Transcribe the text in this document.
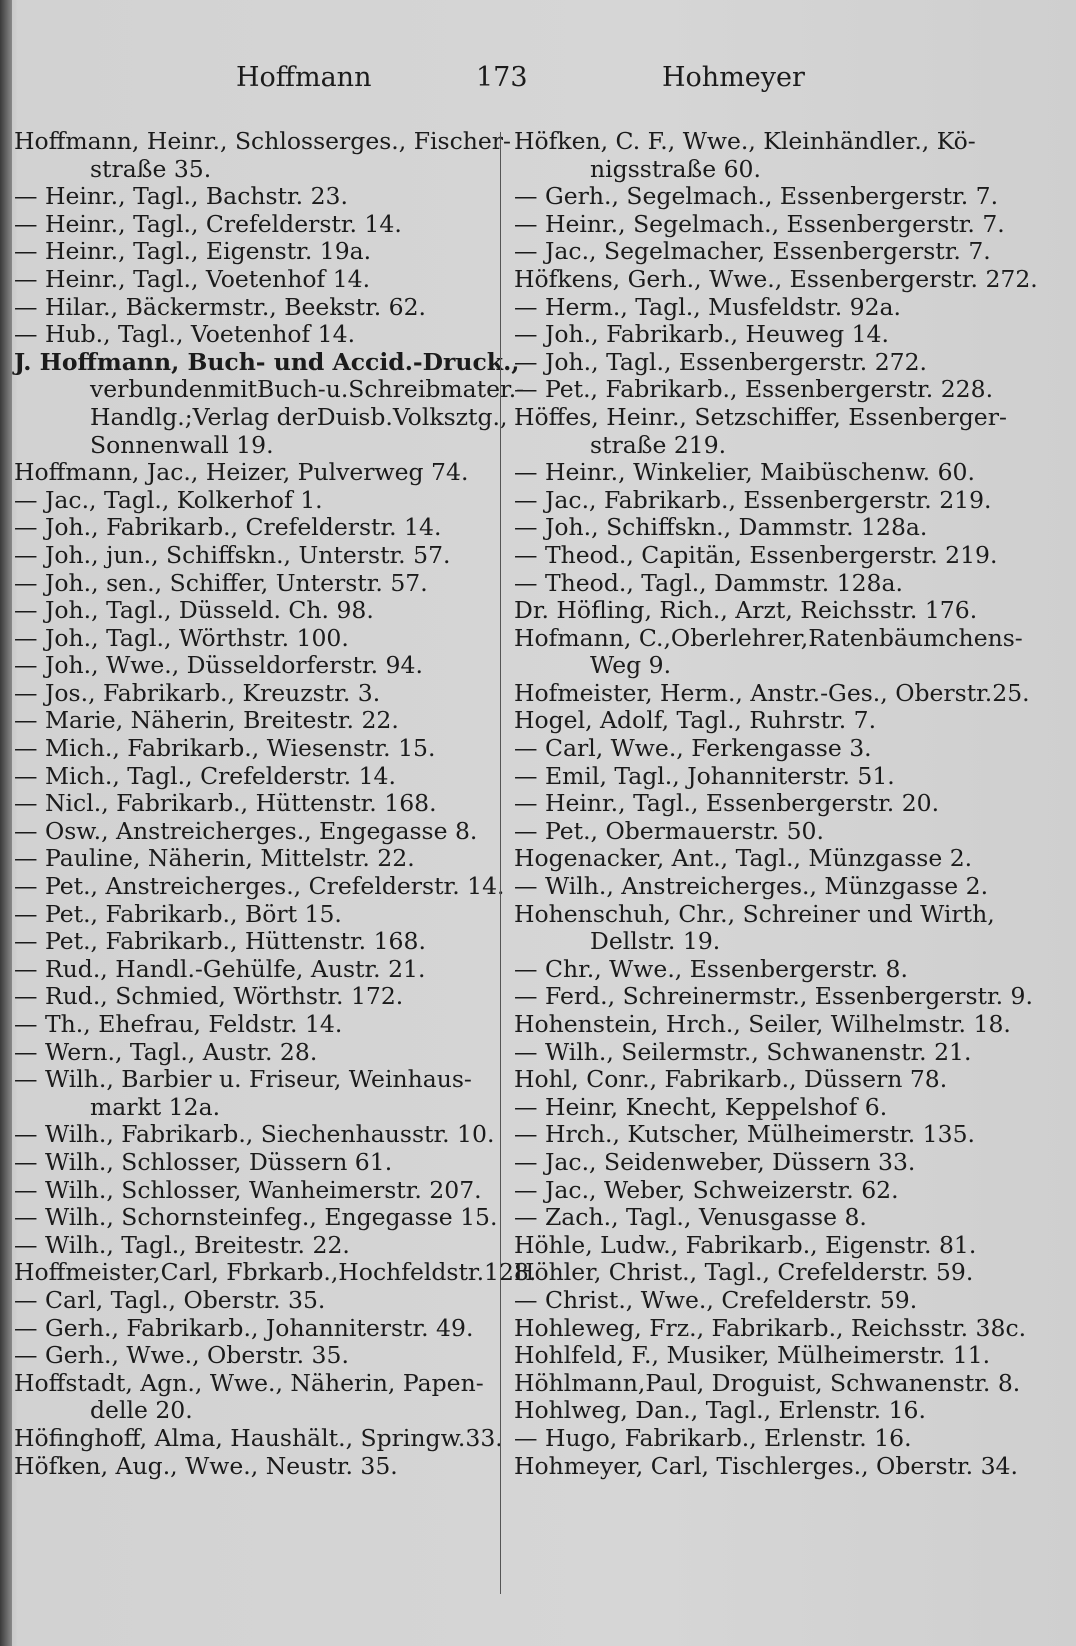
Hoffmann	173	Hohmeyer
Hoffmann, Heinr., Schlosserges., Fischer-
straße 35.
— Heinr., Tagl., Bachstr. 23.
— Heinr., Tagl., Crefelderstr. 14.
— Heinr., Tagl., Eigenstr. 19a.
— Heinr., Tagl., Voetenhof 14.
— Hilar., Bäckermstr., Beekstr. 62.
— Hub., Tagl., Voetenhof 14.
J. Hoffmann, Buch- und Accid.-Druck.,
verbundenmitBuch-u.Schreibmater.-
Handlg.;Verlag derDuisb.Volksztg.,
Sonnenwall 19.
Hoffmann, Jac., Heizer, Pulverweg 74.
— Jac., Tagl., Kolkerhof 1.
— Joh., Fabrikarb., Crefelderstr. 14.
— Joh., jun., Schiffskn., Unterstr. 57.
— Joh., sen., Schiffer, Unterstr. 57.
— Joh., Tagl., Düsseld. Ch. 98.
— Joh., Tagl., Wörthstr. 100.
— Joh., Wwe., Düsseldorferstr. 94.
— Jos., Fabrikarb., Kreuzstr. 3.
— Marie, Näherin, Breitestr. 22.
— Mich., Fabrikarb., Wiesenstr. 15.
— Mich., Tagl., Crefelderstr. 14.
— Nicl., Fabrikarb., Hüttenstr. 168.
— Osw., Anstreicherges., Engegasse 8.
— Pauline, Näherin, Mittelstr. 22.
— Pet., Anstreicherges., Crefelderstr. 14.
— Pet., Fabrikarb., Bört 15.
— Pet., Fabrikarb., Hüttenstr. 168.
— Rud., Handl.-Gehülfe, Austr. 21.
— Rud., Schmied, Wörthstr. 172.
— Th., Ehefrau, Feldstr. 14.
— Wern., Tagl., Austr. 28.
— Wilh., Barbier u. Friseur, Weinhaus-
markt 12a.
— Wilh., Fabrikarb., Siechenhausstr. 10.
— Wilh., Schlosser, Düssern 61.
— Wilh., Schlosser, Wanheimerstr. 207.
— Wilh., Schornsteinfeg., Engegasse 15.
— Wilh., Tagl., Breitestr. 22.
Hoffmeister,Carl, Fbrkarb.,Hochfeldstr.128.
— Carl, Tagl., Oberstr. 35.
— Gerh., Fabrikarb., Johanniterstr. 49.
— Gerh., Wwe., Oberstr. 35.
Hoffstadt, Agn., Wwe., Näherin, Papen-
delle 20.
Höfinghoff, Alma, Haushält., Springw.33.
Höfken, Aug., Wwe., Neustr. 35.
Höfken, C. F., Wwe., Kleinhändler., Kö-
nigsstraße 60.
— Gerh., Segelmach., Essenbergerstr. 7.
— Heinr., Segelmach., Essenbergerstr. 7.
— Jac., Segelmacher, Essenbergerstr. 7.
Höfkens, Gerh., Wwe., Essenbergerstr. 272.
— Herm., Tagl., Musfeldstr. 92a.
— Joh., Fabrikarb., Heuweg 14.
— Joh., Tagl., Essenbergerstr. 272.
— Pet., Fabrikarb., Essenbergerstr. 228.
Höffes, Heinr., Setzschiffer, Essenberger-
straße 219.
— Heinr., Winkelier, Maibüschenw. 60.
— Jac., Fabrikarb., Essenbergerstr. 219.
— Joh., Schiffskn., Dammstr. 128a.
— Theod., Capitän, Essenbergerstr. 219.
— Theod., Tagl., Dammstr. 128a.
Dr. Höfling, Rich., Arzt, Reichsstr. 176.
Hofmann, C.,Oberlehrer,Ratenbäumchens-
Weg 9.
Hofmeister, Herm., Anstr.-Ges., Oberstr.25.
Hogel, Adolf, Tagl., Ruhrstr. 7.
— Carl, Wwe., Ferkengasse 3.
— Emil, Tagl., Johanniterstr. 51.
— Heinr., Tagl., Essenbergerstr. 20.
— Pet., Obermauerstr. 50.
Hogenacker, Ant., Tagl., Münzgasse 2.
— Wilh., Anstreicherges., Münzgasse 2.
Hohenschuh, Chr., Schreiner und Wirth,
Dellstr. 19.
— Chr., Wwe., Essenbergerstr. 8.
— Ferd., Schreinermstr., Essenbergerstr. 9.
Hohenstein, Hrch., Seiler, Wilhelmstr. 18.
— Wilh., Seilermstr., Schwanenstr. 21.
Hohl, Conr., Fabrikarb., Düssern 78.
— Heinr, Knecht, Keppelshof 6.
— Hrch., Kutscher, Mülheimerstr. 135.
— Jac., Seidenweber, Düssern 33.
— Jac., Weber, Schweizerstr. 62.
— Zach., Tagl., Venusgasse 8.
Höhle, Ludw., Fabrikarb., Eigenstr. 81.
Höhler, Christ., Tagl., Crefelderstr. 59.
— Christ., Wwe., Crefelderstr. 59.
Hohleweg, Frz., Fabrikarb., Reichsstr. 38c.
Hohlfeld, F., Musiker, Mülheimerstr. 11.
Höhlmann,Paul, Droguist, Schwanenstr. 8.
Hohlweg, Dan., Tagl., Erlenstr. 16.
— Hugo, Fabrikarb., Erlenstr. 16.
Hohmeyer, Carl, Tischlerges., Oberstr. 34.
